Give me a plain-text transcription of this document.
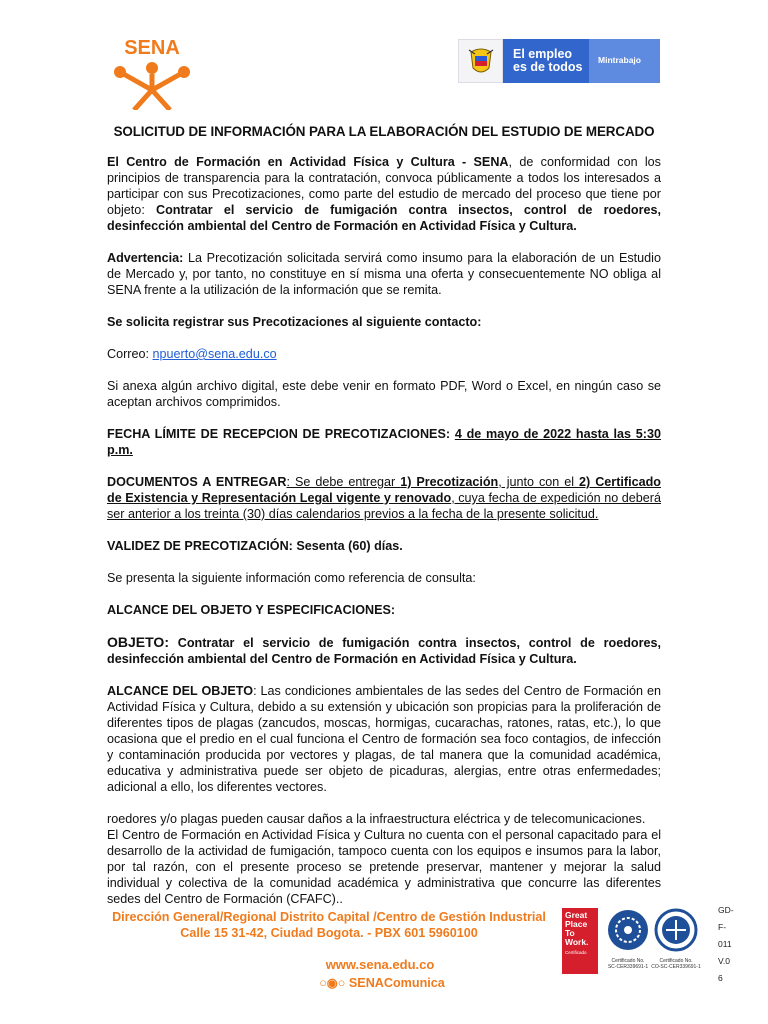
SENA	El empleo
es de todos	Mintrabajo
SOLICITUD DE INFORMACIÓN PARA LA ELABORACIÓN DEL ESTUDIO DE MERCADO

El Centro de Formación en Actividad Física y Cultura - SENA, de conformidad con los principios de transparencia para la contratación, convoca públicamente a todos los interesados a participar con sus Precotizaciones, como parte del estudio de mercado del proceso que tiene por objeto: Contratar el servicio de fumigación contra insectos, control de roedores, desinfección ambiental del Centro de Formación en Actividad Física y Cultura.

Advertencia: La Precotización solicitada servirá como insumo para la elaboración de un Estudio de Mercado y, por tanto, no constituye en sí misma una oferta y consecuentemente NO obliga al SENA frente a la utilización de la información que se remita.

Se solicita registrar sus Precotizaciones al siguiente contacto:

Correo: npuerto@sena.edu.co

Si anexa algún archivo digital, este debe venir en formato PDF, Word o Excel, en ningún caso se aceptan archivos comprimidos.

FECHA LÍMITE DE RECEPCION DE PRECOTIZACIONES: 4 de mayo de 2022 hasta las 5:30 p.m.

DOCUMENTOS A ENTREGAR: Se debe entregar 1) Precotización, junto con el 2) Certificado de Existencia y Representación Legal vigente y renovado, cuya fecha de expedición no deberá ser anterior a los treinta (30) días calendarios previos a la fecha de la presente solicitud.

VALIDEZ DE PRECOTIZACIÓN: Sesenta (60) días.

Se presenta la siguiente información como referencia de consulta:

ALCANCE DEL OBJETO Y ESPECIFICACIONES:

OBJETO: Contratar el servicio de fumigación contra insectos, control de roedores, desinfección ambiental del Centro de Formación en Actividad Física y Cultura.

ALCANCE DEL OBJETO: Las condiciones ambientales de las sedes del Centro de Formación en Actividad Física y Cultura, debido a su extensión y ubicación son propicias para la proliferación de diferentes tipos de plagas (zancudos, moscas, hormigas, cucarachas, ratones, ratas, etc.), lo que ocasiona que el predio en el cual funciona el Centro de formación sea foco contagios, de infección y contaminación producida por vectores y plagas, de tal manera que la comunidad académica, educativa y administrativa puede ser objeto de picaduras, alergias, entre otras enfermedades; adicional a ello, los diferentes vectores.

roedores y/o plagas pueden causar daños a la infraestructura eléctrica y de telecomunicaciones.

El Centro de Formación en Actividad Física y Cultura no cuenta con el personal capacitado para el desarrollo de la actividad de fumigación, tampoco cuenta con los equipos e insumos para la labor, por tal razón, con el presente proceso se pretende preservar, mantener y mejorar la salud individual y colectiva de la comunidad académica y administrativa que concurre las diferentes sedes del Centro de Formación (CFAFC)..

Dirección General/Regional Distrito Capital /Centro de Gestión Industrial
Calle 15 31-42, Ciudad Bogota. - PBX 601 5960100
www.sena.edu.co
○◉○ SENAComunica
Great
Place
To
Work.
Certificado
Certificado No.
SC-CER339691-1
Certificado No.
CO-SC-CER339691-1
GD-
F-
011
V.0
6
